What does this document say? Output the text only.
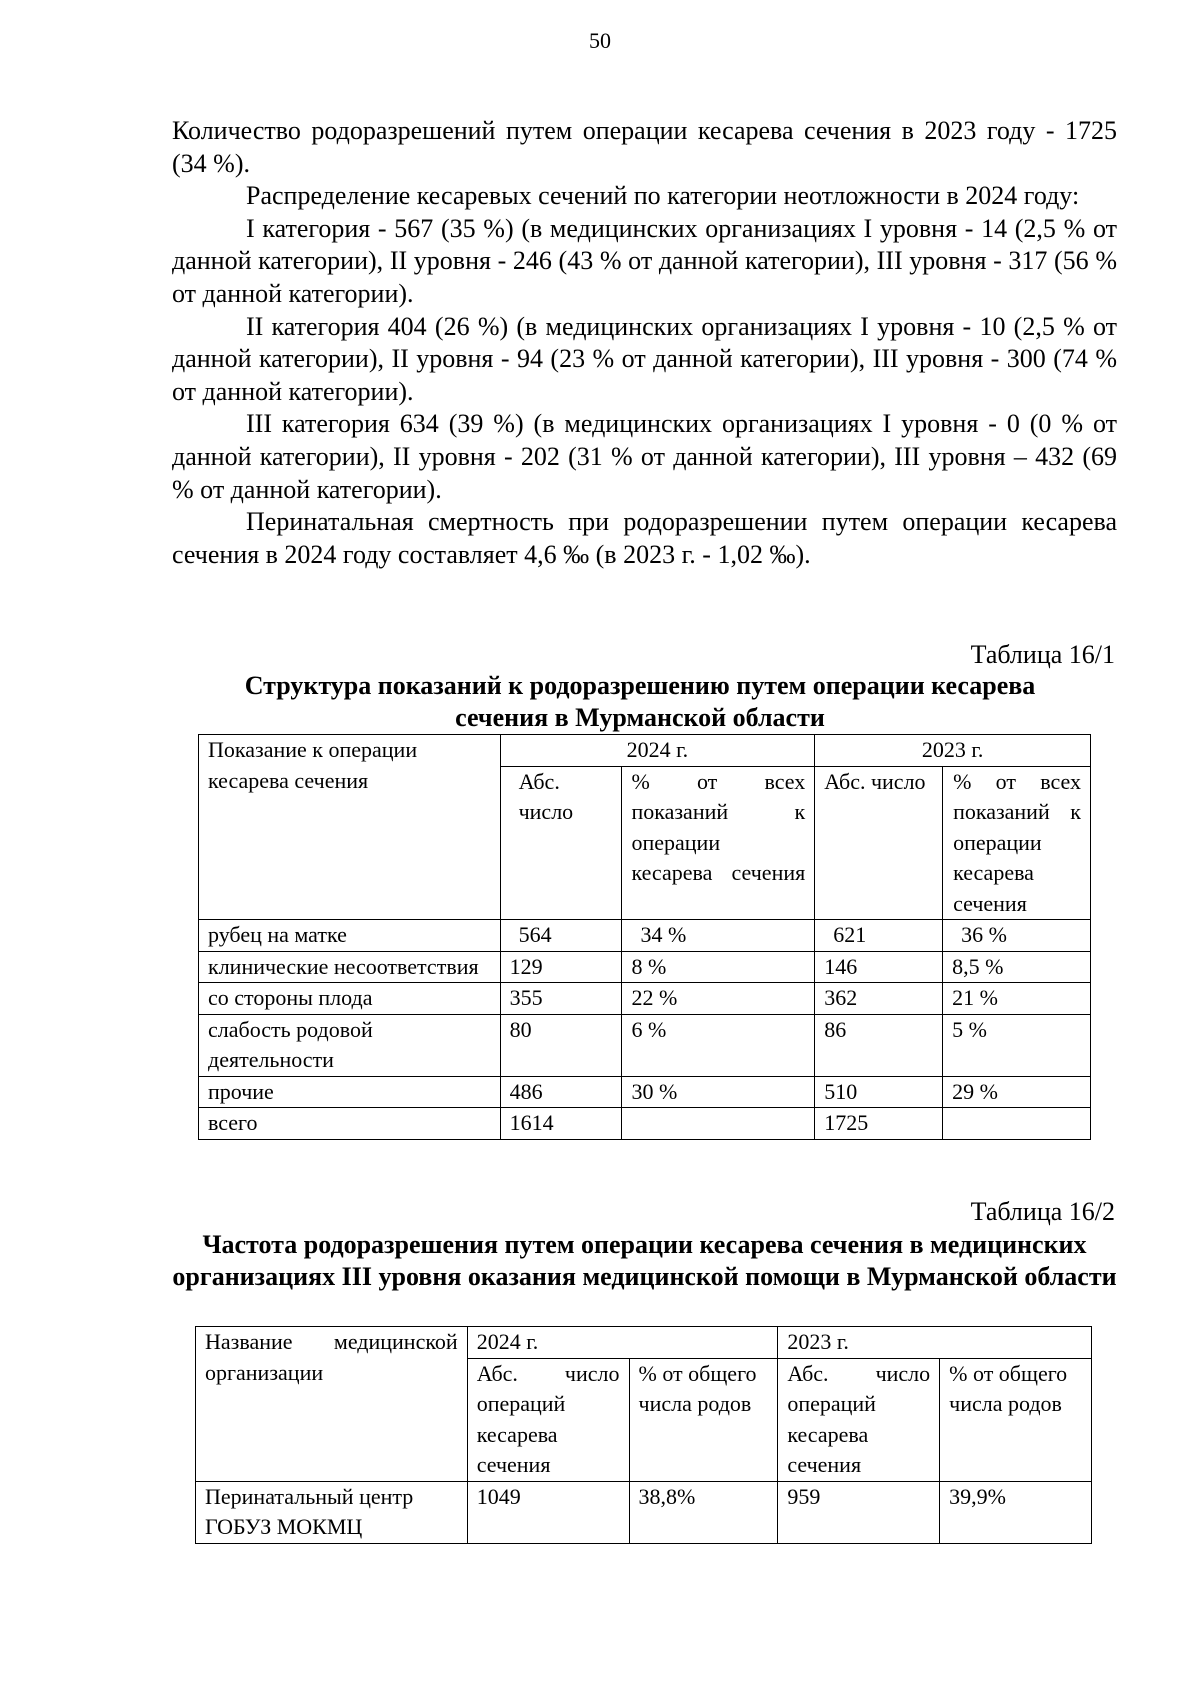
50

Количество родоразрешений путем операции кесарева сечения в 2023 году - 1725 (34 %).

Распределение кесаревых сечений по категории неотложности в 2024 году:

I категория - 567 (35 %) (в медицинских организациях I уровня - 14 (2,5 % от данной категории), II уровня - 246 (43 % от данной категории), III уровня - 317 (56 % от данной категории).

II категория 404 (26 %) (в медицинских организациях I уровня - 10 (2,5 % от данной категории), II уровня - 94 (23 % от данной категории), III уровня - 300 (74 % от данной категории).

III категория 634 (39 %) (в медицинских организациях I уровня - 0 (0 % от данной категории), II уровня - 202 (31 % от данной категории), III уровня – 432 (69 % от данной категории).

Перинатальная смертность при родоразрешении путем операции кесарева сечения в 2024 году составляет 4,6 ‰ (в 2023 г. - 1,02 ‰).

Таблица 16/1
Структура показаний к родоразрешению путем операции кесарева сечения в Мурманской области
Показание к операции кесарева сечения	2024 г.		2023 г.	
	Абс. число	% от всех показаний к операции кесарева сечения	Абс. число	% от всех показаний к операции кесарева сечения
рубец на матке	564	34 %	621	36 %
клинические несоответствия	129	8 %	146	8,5 %
со стороны плода	355	22 %	362	21 %
слабость родовой деятельности	80	6 %	86	5 %
прочие	486	30 %	510	29 %
всего	1614		1725	
Таблица 16/2
Частота родоразрешения путем операции кесарева сечения в медицинских организациях III уровня оказания медицинской помощи в Мурманской области
Название медицинской организации	2024 г.		2023 г.	
	Абс. число операций кесарева сечения	% от общего числа родов	Абс. число операций кесарева сечения	% от общего числа родов
Перинатальный центр ГОБУЗ МОКМЦ	1049	38,8%	959	39,9%
